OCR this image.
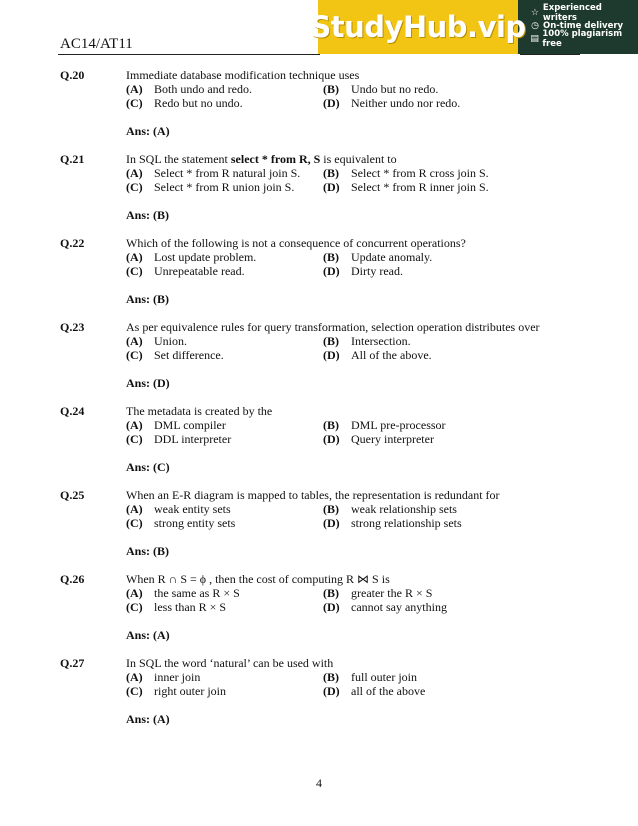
AC14/AT11	StudyHub.vip ☆ Experienced writers
◷ On-time delivery
▤ 100% plagiarism free
Q.20	Immediate database modification technique uses
(A) Both undo and redo.	(B)	Undo but no redo.
(C) Redo but no undo.	(D) Neither undo nor redo.
Ans: (A)
Q.21	In SQL the statement select * from R, S is equivalent to
(A) Select * from R natural join S. (B)	Select * from R cross join S.
(C) Select * from R union join S. (D) Select * from R inner join S.
Ans: (B)
Q.22	Which of the following is not a consequence of concurrent operations?
(A) Lost update problem.	(B)	Update anomaly.
(C) Unrepeatable read.	(D) Dirty read.
Ans: (B)
Q.23	As per equivalence rules for query transformation, selection operation distributes over
(A) Union.	(B)	Intersection.
(C) Set difference.	(D) All of the above.
Ans: (D)
Q.24	The metadata is created by the
(A) DML compiler	(B)	DML pre-processor
(C) DDL interpreter	(D) Query interpreter
Ans: (C)
Q.25	When an E-R diagram is mapped to tables, the representation is redundant for
(A) weak entity sets	(B)	weak relationship sets
(C) strong entity sets	(D) strong relationship sets
Ans: (B)
Q.26	When R ∩ S = ϕ , then the cost of computing R ⋈ S is
(A) the same as R × S	(B)	greater the R × S
(C) less than R × S	(D) cannot say anything
Ans: (A)
Q.27	In SQL the word ‘natural’ can be used with
(A) inner join	(B)	full outer join
(C) right outer join	(D) all of the above
Ans: (A)
4
